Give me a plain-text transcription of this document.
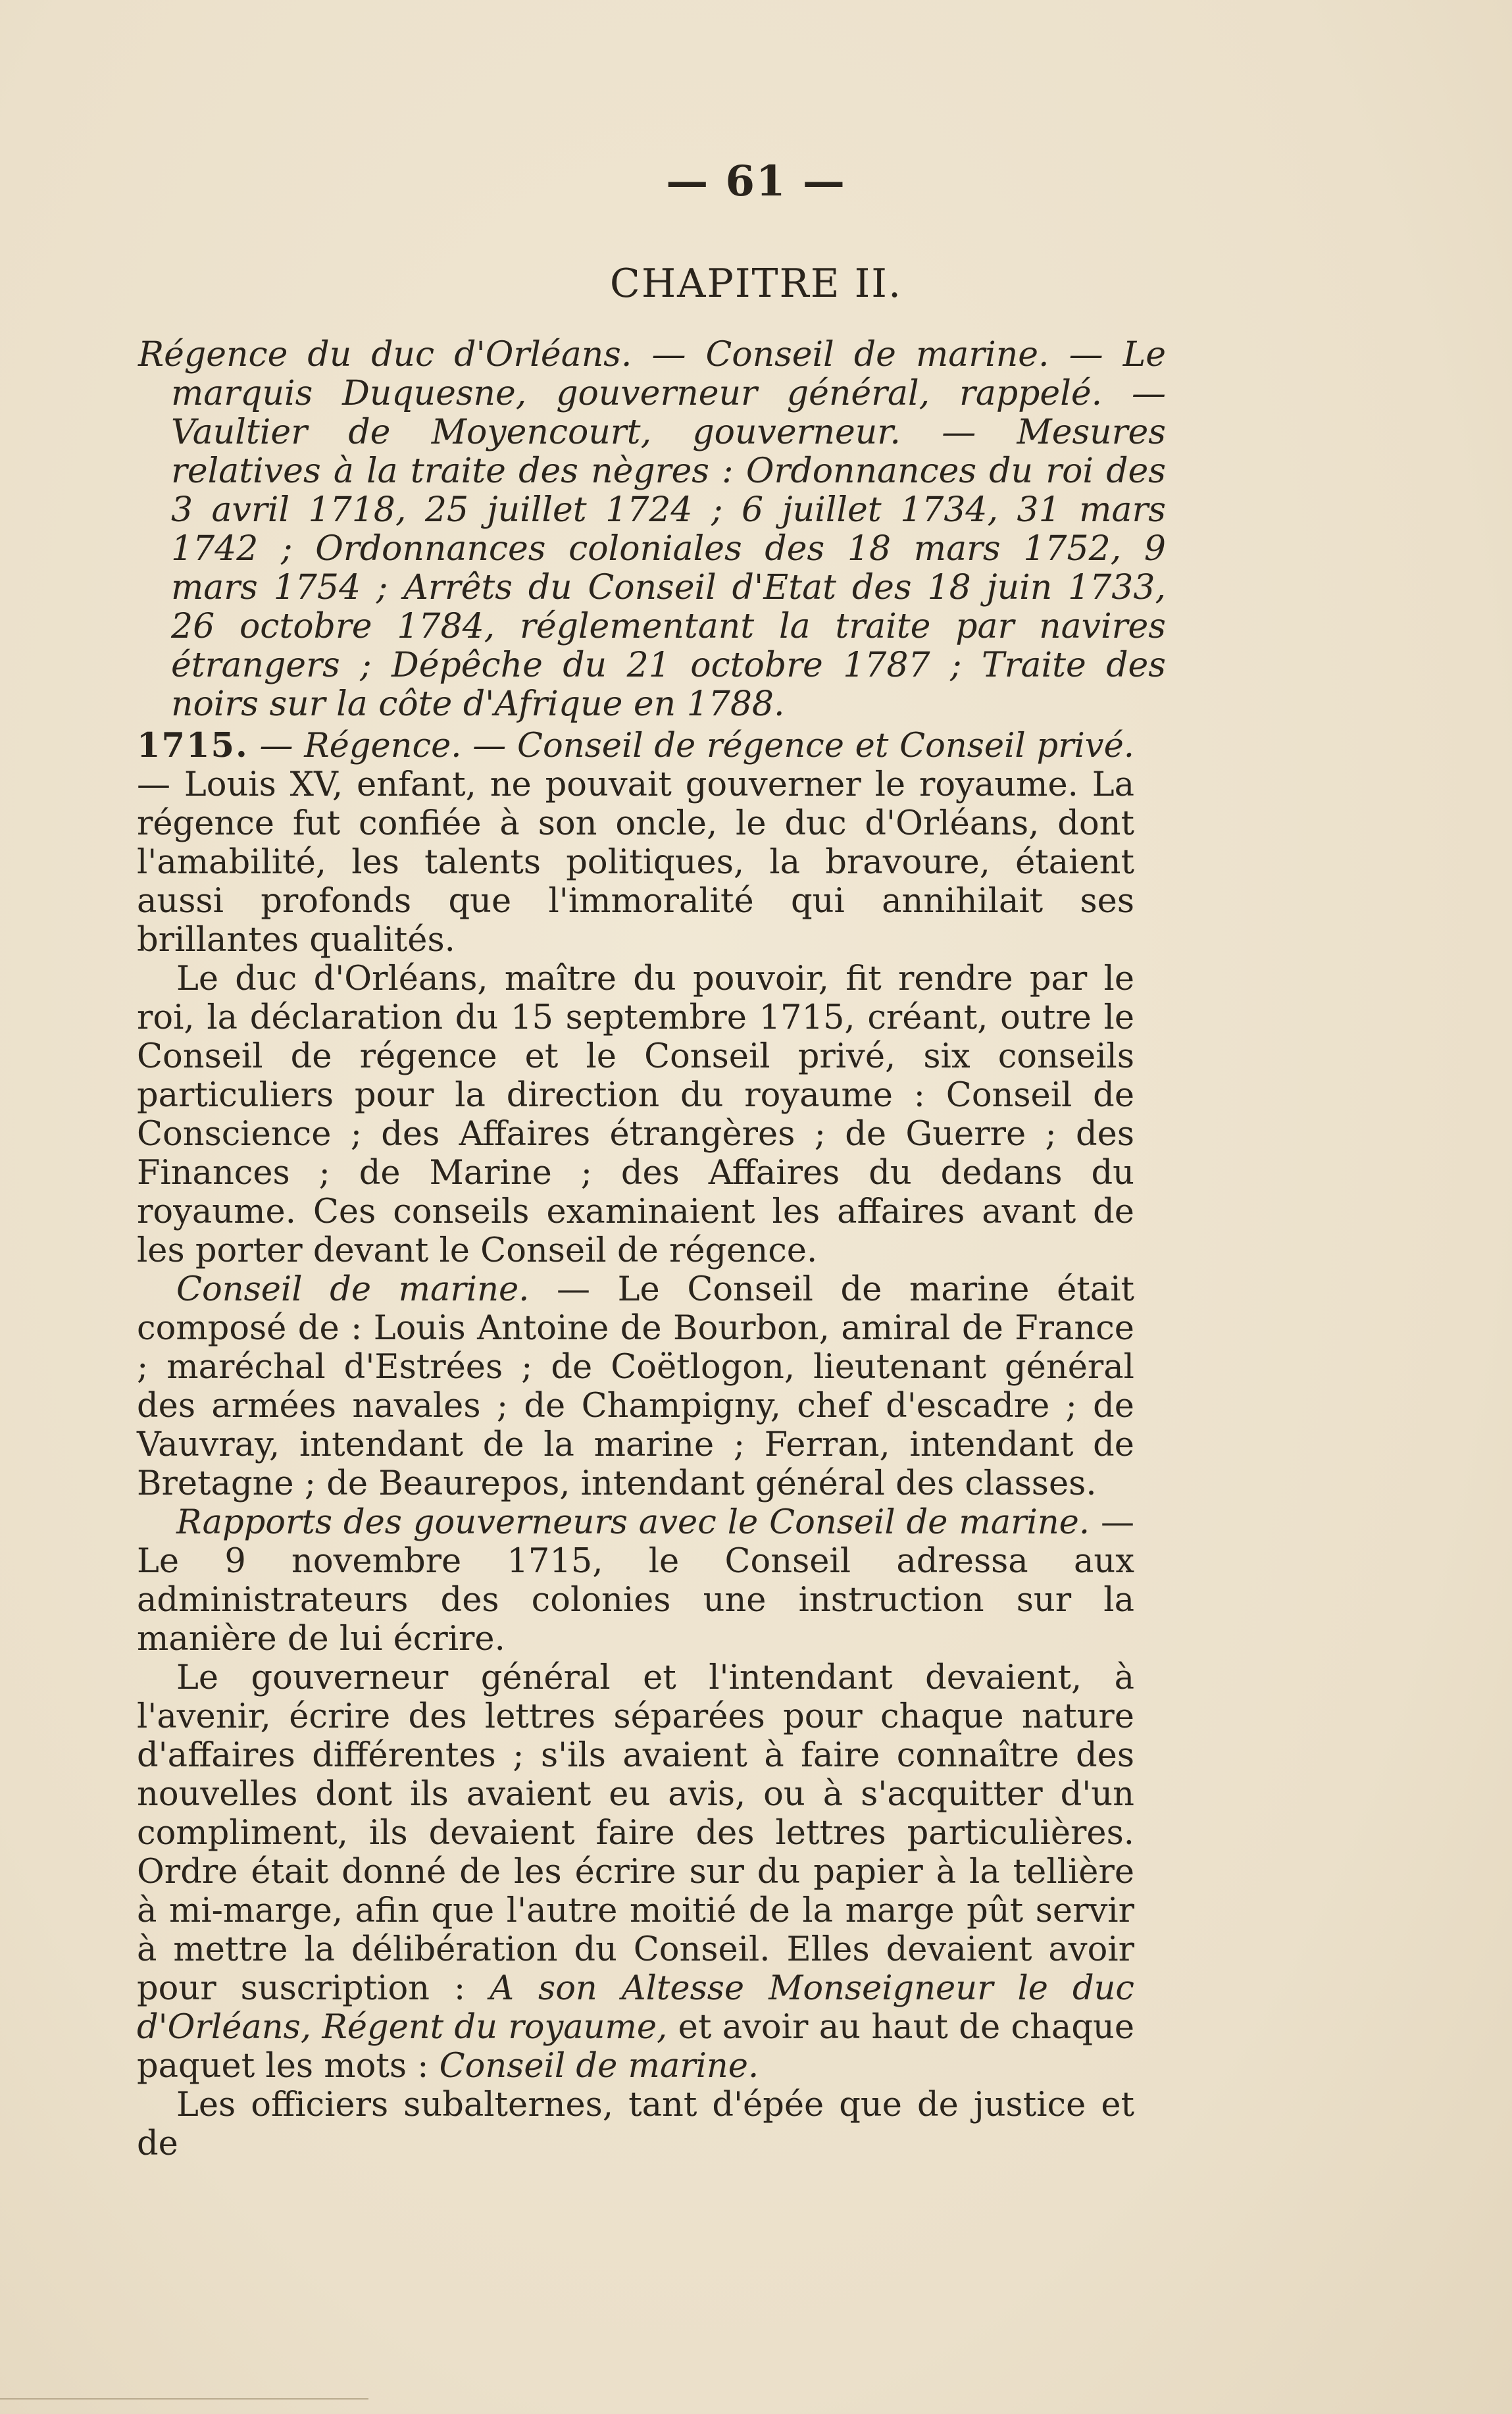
— 61 —
CHAPITRE II.
Régence du duc d'Orléans. — Conseil de marine. — Le marquis Duquesne, gouverneur général, rappelé. — Vaultier de Moyencourt, gouverneur. — Mesures relatives à la traite des nègres : Ordonnances du roi des 3 avril 1718, 25 juillet 1724 ; 6 juillet 1734, 31 mars 1742 ; Ordonnances coloniales des 18 mars 1752, 9 mars 1754 ; Arrêts du Conseil d'Etat des 18 juin 1733, 26 octobre 1784, réglementant la traite par navires étrangers ; Dépêche du 21 octobre 1787 ; Traite des noirs sur la côte d'Afrique en 1788.

1715. — Régence. — Conseil de régence et Conseil privé. — Louis XV, enfant, ne pouvait gouverner le royaume. La régence fut confiée à son oncle, le duc d'Orléans, dont l'amabilité, les talents politiques, la bravoure, étaient aussi profonds que l'immoralité qui annihilait ses brillantes qualités.

Le duc d'Orléans, maître du pouvoir, fit rendre par le roi, la déclaration du 15 septembre 1715, créant, outre le Conseil de régence et le Conseil privé, six conseils particuliers pour la direction du royaume : Conseil de Conscience ; des Affaires étrangères ; de Guerre ; des Finances ; de Marine ; des Affaires du dedans du royaume. Ces conseils examinaient les affaires avant de les porter devant le Conseil de régence.

Conseil de marine. — Le Conseil de marine était composé de : Louis Antoine de Bourbon, amiral de France ; maréchal d'Estrées ; de Coëtlogon, lieutenant général des armées navales ; de Champigny, chef d'escadre ; de Vauvray, intendant de la marine ; Ferran, intendant de Bretagne ; de Beaurepos, intendant général des classes.

Rapports des gouverneurs avec le Conseil de marine. — Le 9 novembre 1715, le Conseil adressa aux administrateurs des colonies une instruction sur la manière de lui écrire.

Le gouverneur général et l'intendant devaient, à l'avenir, écrire des lettres séparées pour chaque nature d'affaires différentes ; s'ils avaient à faire connaître des nouvelles dont ils avaient eu avis, ou à s'acquitter d'un compliment, ils devaient faire des lettres particulières. Ordre était donné de les écrire sur du papier à la tellière à mi-marge, afin que l'autre moitié de la marge pût servir à mettre la délibération du Conseil. Elles devaient avoir pour suscription : A son Altesse Monseigneur le duc d'Orléans, Régent du royaume, et avoir au haut de chaque paquet les mots : Conseil de marine.

Les officiers subalternes, tant d'épée que de justice et de
